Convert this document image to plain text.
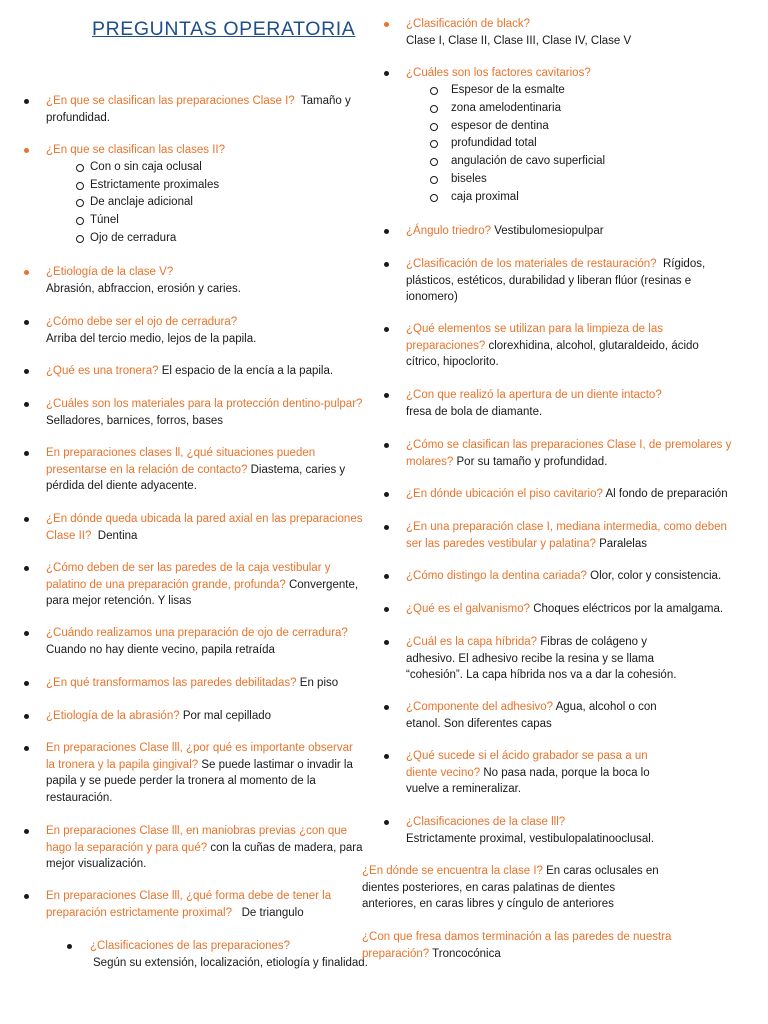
PREGUNTAS OPERATORIA
¿En que se clasifican las preparaciones Clase I? Tamaño y profundidad.
¿En que se clasifican las clases II?
Con o sin caja oclusal
Estrictamente proximales
De anclaje adicional
Túnel
Ojo de cerradura
¿Etiología de la clase V?
Abrasión, abfraccion, erosión y caries.
¿Cómo debe ser el ojo de cerradura?
Arriba del tercio medio, lejos de la papila.
¿Qué es una tronera? El espacio de la encía a la papila.
¿Cuáles son los materiales para la protección dentino-pulpar?
Selladores, barnices, forros, bases
En preparaciones clases ll, ¿qué situaciones pueden presentarse en la relación de contacto? Diastema, caries y pérdida del diente adyacente.
¿En dónde queda ubicada la pared axial en las preparaciones Clase II? Dentina
¿Cómo deben de ser las paredes de la caja vestibular y palatino de una preparación grande, profunda? Convergente, para mejor retención. Y lisas
¿Cuándo realizamos una preparación de ojo de cerradura?
Cuando no hay diente vecino, papila retraída
¿En qué transformamos las paredes debilitadas? En piso
¿Etiología de la abrasión? Por mal cepillado
En preparaciones Clase lll, ¿por qué es importante observar la tronera y la papila gingival? Se puede lastimar o invadir la papila y se puede perder la tronera al momento de la restauración.
En preparaciones Clase lll, en maniobras previas ¿con que hago la separación y para qué? con la cuñas de madera, para mejor visualización.
En preparaciones Clase lll, ¿qué forma debe de tener la preparación estrictamente proximal? De triangulo
¿Clasificaciones de las preparaciones?
Según su extensión, localización, etiología y finalidad.
¿Clasificación de black?
Clase I, Clase II, Clase III, Clase IV, Clase V
¿Cuáles son los factores cavitarios?
Espesor de la esmalte
zona amelodentinaria
espesor de dentina
profundidad total
angulación de cavo superficial
biseles
caja proximal
¿Ángulo triedro? Vestibulomesiopulpar
¿Clasificación de los materiales de restauración? Rígidos, plásticos, estéticos, durabilidad y liberan flúor (resinas e ionomero)
¿Qué elementos se utilizan para la limpieza de las preparaciones? clorexhidina, alcohol, glutaraldeido, ácido cítrico, hipoclorito.
¿Con que realizó la apertura de un diente intacto?
fresa de bola de diamante.
¿Cómo se clasifican las preparaciones Clase I, de premolares y molares? Por su tamaño y profundidad.
¿En dónde ubicación el piso cavitario? Al fondo de preparación
¿En una preparación clase I, mediana intermedia, como deben ser las paredes vestibular y palatina? Paralelas
¿Cómo distingo la dentina cariada? Olor, color y consistencia.
¿Qué es el galvanismo? Choques eléctricos por la amalgama.
¿Cuál es la capa híbrida? Fibras de colágeno y adhesivo. El adhesivo recibe la resina y se llama “cohesión”. La capa híbrida nos va a dar la cohesión.
¿Componente del adhesivo? Agua, alcohol o con etanol. Son diferentes capas
¿Qué sucede si el ácido grabador se pasa a un diente vecino? No pasa nada, porque la boca lo vuelve a remineralizar.
¿Clasificaciones de la clase lll?
Estrictamente proximal, vestibulopalatinooclusal.
¿En dónde se encuentra la clase I? En caras oclusales en dientes posteriores, en caras palatinas de dientes anteriores, en caras libres y cíngulo de anteriores
¿Con que fresa damos terminación a las paredes de nuestra preparación? Troncocónica
